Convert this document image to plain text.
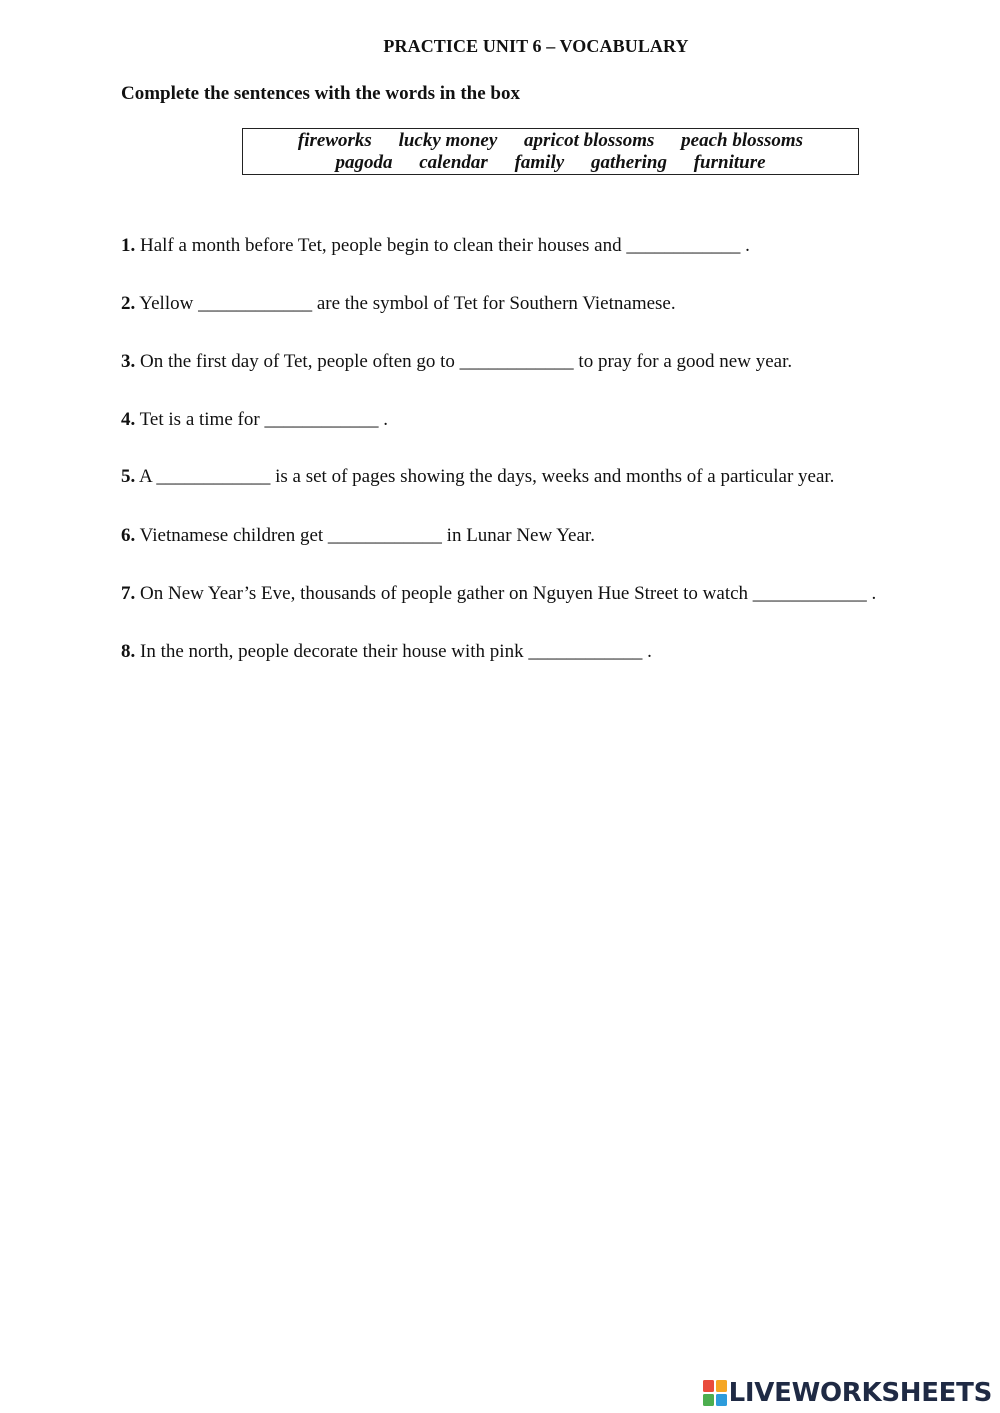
PRACTICE UNIT 6 – VOCABULARY
Complete the sentences with the words in the box
fireworks lucky money apricot blossoms peach blossoms
pagoda calendar family gathering furniture
1. Half a month before Tet, people begin to clean their houses and ____________ .
2. Yellow ____________ are the symbol of Tet for Southern Vietnamese.
3. On the first day of Tet, people often go to ____________ to pray for a good new year.
4. Tet is a time for ____________ .
5. A ____________ is a set of pages showing the days, weeks and months of a particular year.
6. Vietnamese children get ____________ in Lunar New Year.
7. On New Year’s Eve, thousands of people gather on Nguyen Hue Street to watch ____________ .
8. In the north, people decorate their house with pink ____________ .
LIVEWORKSHEETS
